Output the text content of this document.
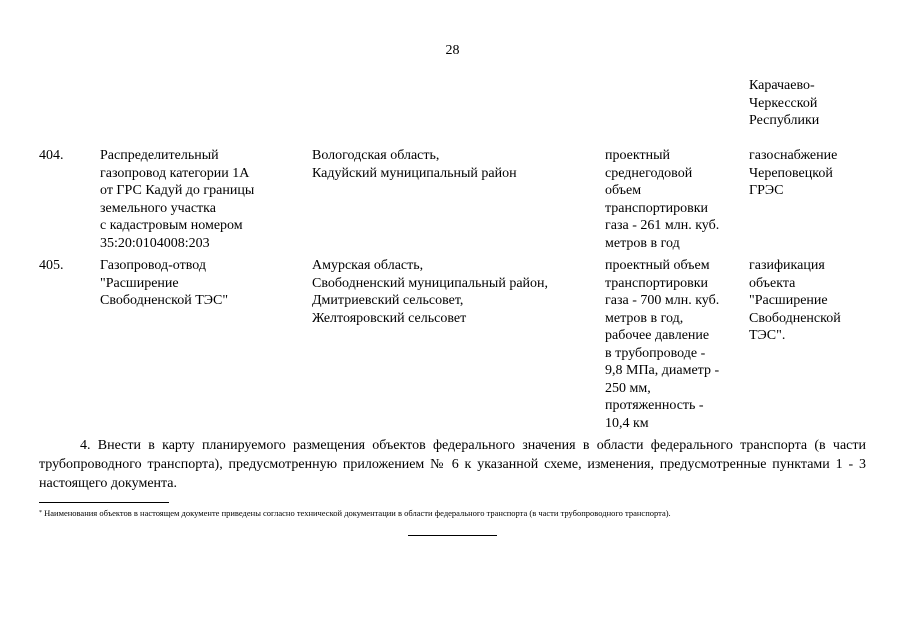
28
Карачаево-
Черкесской
Республики
404.	Распределительный
газопровод категории 1А
от ГРС Кадуй до границы
земельного участка
с кадастровым номером
35:20:0104008:203
Вологодская область,
Кадуйский муниципальный район
проектный
среднегодовой
объем
транспортировки
газа - 261 млн. куб.
метров в год
газоснабжение
Череповецкой
ГРЭС
405.	Газопровод-отвод
"Расширение
Свободненской ТЭС"
Амурская область,
Свободненский муниципальный район,
Дмитриевский сельсовет,
Желтояровский сельсовет
проектный объем
транспортировки
газа - 700 млн. куб.
метров в год,
рабочее давление
в трубопроводе -
9,8 МПа, диаметр -
250 мм,
протяженность -
10,4 км
газификация
объекта
"Расширение
Свободненской
ТЭС".
4. Внести в карту планируемого размещения объектов федерального значения в области федерального транспорта (в части трубопроводного транспорта), предусмотренную приложением № 6 к указанной схеме, изменения, предусмотренные пунктами 1 - 3 настоящего документа.
* Наименования объектов в настоящем документе приведены согласно технической документации в области федерального транспорта (в части трубопроводного транспорта).
